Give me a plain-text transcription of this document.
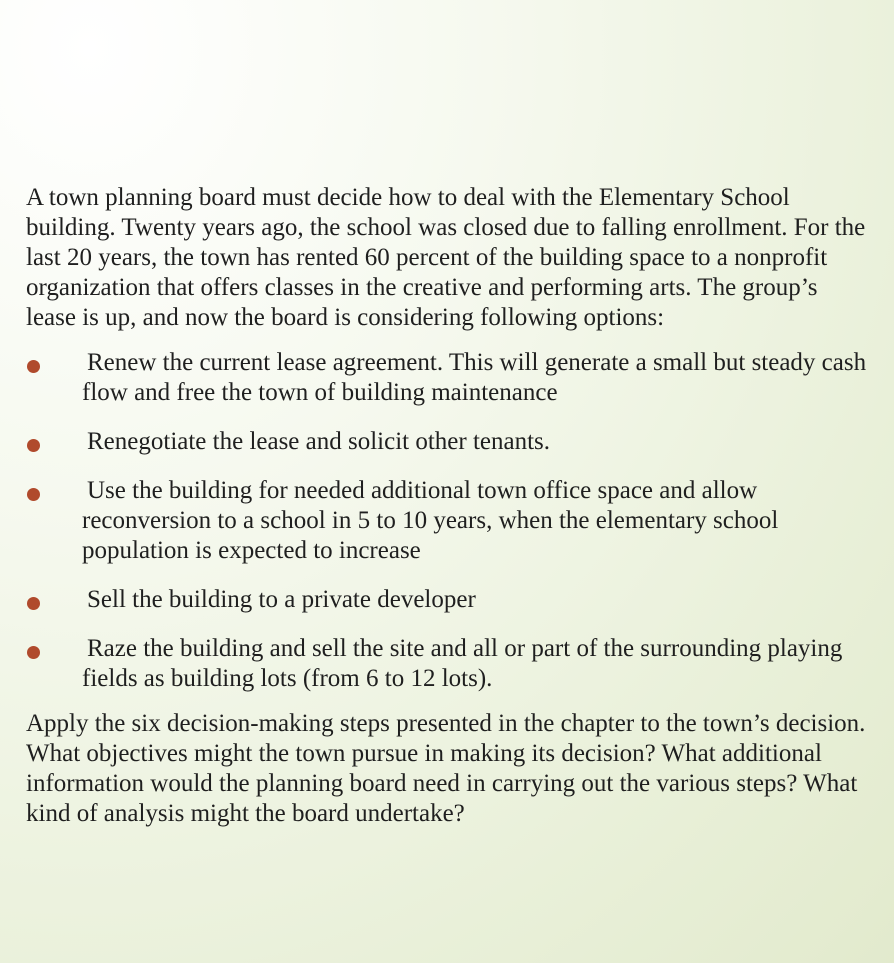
A town planning board must decide how to deal with the Elementary School building. Twenty years ago, the school was closed due to falling enrollment. For the last 20 years, the town has rented 60 percent of the building space to a nonprofit organization that offers classes in the creative and performing arts. The group’s lease is up, and now the board is considering following options:

Renew the current lease agreement. This will generate a small but steady cash flow and free the town of building maintenance
Renegotiate the lease and solicit other tenants.
Use the building for needed additional town office space and allow reconversion to a school in 5 to 10 years, when the elementary school population is expected to increase
Sell the building to a private developer
Raze the building and sell the site and all or part of the surrounding playing fields as building lots (from 6 to 12 lots).

Apply the six decision-making steps presented in the chapter to the town’s decision. What objectives might the town pursue in making its decision? What additional information would the planning board need in carrying out the various steps? What kind of analysis might the board undertake?
